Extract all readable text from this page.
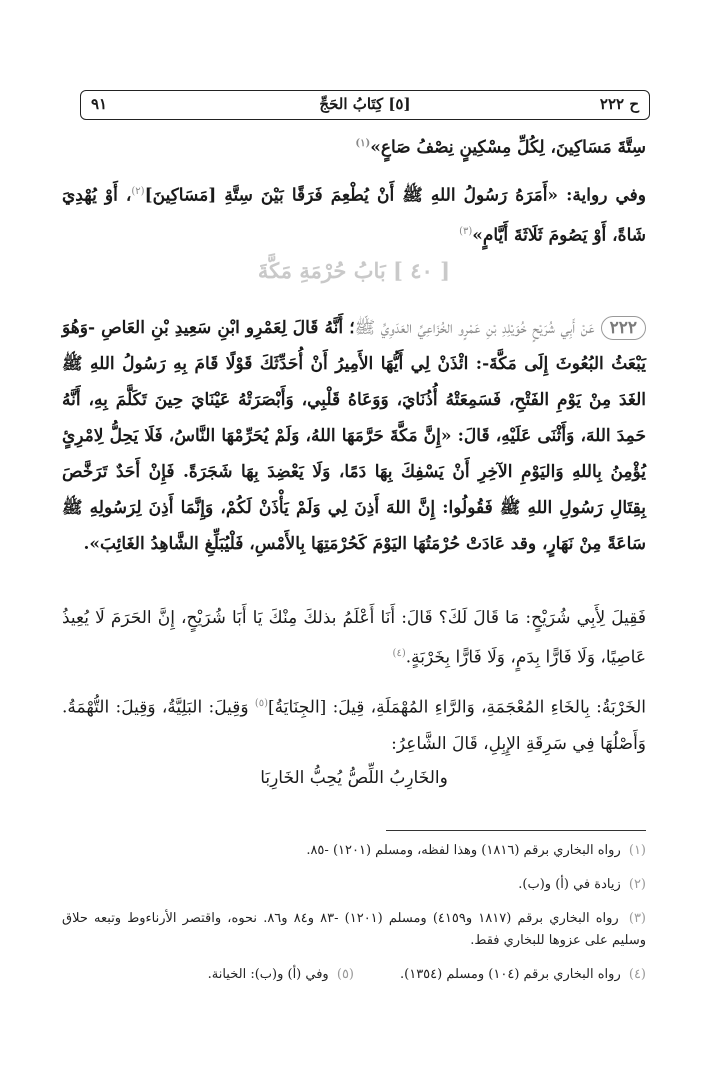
ح ٢٢٢
[٥] كِتَابُ الحَجِّ
٩١
سِتَّةَ مَسَاكِينَ، لِكُلِّ مِسْكِينٍ نِصْفُ صَاعٍ»$^{(١)}$
وفي رواية: «أَمَرَهُ رَسُولُ اللهِ ﷺ أَنْ يُطْعِمَ فَرَقًا بَيْنَ سِتَّةِ [مَسَاكِينَ]$^{(٢)}$، أَوْ يُهْدِيَ شَاةً، أَوْ يَصُومَ ثَلَاثَةَ أَيَّامٍ»$^{(٣)}$
[ ٤٠ ] بَابُ حُرْمَةِ مَكَّةَ
٢٢٢عَنْ أَبِي شُرَيْحٍ خُوَيْلِدِ بْنِ عَمْرٍو الخُزَاعِيِّ العَدَوِيِّ ﷺ؛ أَنَّهُ قَالَ لِعَمْرِو ابْنِ سَعِيدِ بْنِ العَاصِ -وَهُوَ يَبْعَثُ البُعُوثَ إِلَى مَكَّةَ-: ائْذَنْ لِي أَيُّهَا الأَمِيرُ أَنْ أُحَدِّثَكَ قَوْلًا قَامَ بِهِ رَسُولُ اللهِ ﷺ الغَدَ مِنْ يَوْمِ الفَتْحِ، فَسَمِعَتْهُ أُذُنَايَ، وَوَعَاهُ قَلْبِي، وَأَبْصَرَتْهُ عَيْنَايَ حِينَ تَكَلَّمَ بِهِ، أَنَّهُ حَمِدَ اللهَ، وَأَثْنَى عَلَيْهِ، قَالَ: «إِنَّ مَكَّةَ حَرَّمَهَا اللهُ، وَلَمْ يُحَرِّمْهَا النَّاسُ، فَلَا يَحِلُّ لِامْرِئٍ يُؤْمِنُ بِاللهِ وَاليَوْمِ الآخِرِ أَنْ يَسْفِكَ بِهَا دَمًا، وَلَا يَعْضِدَ بِهَا شَجَرَةً. فَإِنْ أَحَدٌ تَرَخَّصَ بِقِتَالِ رَسُولِ اللهِ ﷺ فَقُولُوا: إِنَّ اللهَ أَذِنَ لِي وَلَمْ يَأْذَنْ لَكُمْ، وَإِنَّمَا أَذِنَ لِرَسُولِهِ ﷺ سَاعَةً مِنْ نَهَارٍ، وقد عَادَتْ حُرْمَتُهَا اليَوْمَ كَحُرْمَتِهَا بِالأَمْسِ، فَلْيُبَلِّغِ الشَّاهِدُ الغَائِبَ».
فَقِيلَ لِأَبِي شُرَيْحٍ: مَا قَالَ لَكَ؟ قَالَ: أَنَا أَعْلَمُ بذلكَ مِنْكَ يَا أَبَا شُرَيْحٍ، إِنَّ الحَرَمَ لَا يُعِيذُ عَاصِيًا، وَلَا فَارًّا بِدَمٍ، وَلَا فَارًّا بِخَرْبَةٍ.$^{(٤)}$
الخَرْبَةُ: بِالخَاءِ المُعْجَمَةِ، وَالرَّاءِ المُهْمَلَةِ، قِيلَ: [الجِنَايَةُ]$^{(٥)}$ وَقِيلَ: البَلِيَّةُ، وَقِيلَ: التُّهْمَةُ. وَأَصْلُهَا فِي سَرِقَةِ الإِبِلِ، قَالَ الشَّاعِرُ:
والخَارِبُ اللِّصُّ يُحِبُّ الخَارِبَا
(١) رواه البخاري برقم (١٨١٦) وهذا لفظه، ومسلم (١٢٠١) -٨٥.
(٢) زيادة في (أ) و(ب).
(٣) رواه البخاري برقم (١٨١٧ و٤١٥٩) ومسلم (١٢٠١) -٨٣ و٨٤ و٨٦. نحوه، واقتصر الأرناءوط وتبعه حلاق وسليم على عزوها للبخاري فقط.
(٤) رواه البخاري برقم (١٠٤) ومسلم (١٣٥٤).
(٥) وفي (أ) و(ب): الخيانة.
